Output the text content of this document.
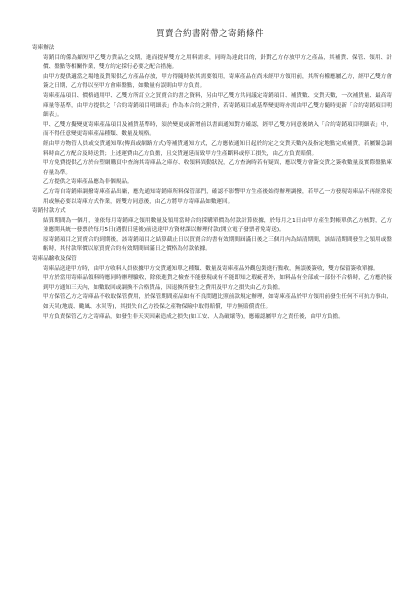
買賣合約書附帶之寄銷條件
寄庫辦法

寄銷目的係為縮短甲乙雙方貨品之交期，進而提昇雙方之用料需求，同時為達此目的，針對乙方存放甲方之產品，其補貨、保管、領用、計價、盤點等相關作業，雙方約定採行必要之配合措施。

由甲方提供適當之場地及貨架供乙方產品存放，甲方得隨時依其需要領用，寄庫產品在尚未經甲方領用前，其所有權應屬乙方，經甲乙雙方會簽之日期，乙方得以至甲方會庫盤點，如數量有誤則由甲方負責。

寄庫產品項目、價格通用甲、乙雙方所訂立之買賣合約書之資料，另由甲乙雙方共同議定寄銷項目、補貨數、交貨天數，一次補貨量、最高寄庫量等基準，由甲方提供之「合約寄銷項目明細表」作為本合約之附件，若寄銷項目或基準變更時亦需由甲乙雙方隨時更新「合約寄銷項目明細表」。

甲、乙雙方擬變更寄庫產品項目及補貨基準時，須於變更或新增前以書面通知對方確認，經甲乙雙方同意後納入「合約寄銷項目明細表」中，而不得任意變更寄庫產品種類、數量及規格。

經由甲方物管人員或交貨通知單(傳真或網路方式)等補貨通知方式，乙方應依通知日起於約定之交貨天數內及指定地點完成補貨，若屬緊急調料時由乙方配合及時送貨；上述運費由乙方負擔，且交貨遲延而致甲方生產斷料或停工損失，由乙方負責賠償。

甲方免費提供乙方於台塑網購頁中查詢其寄庫品之庫存、收領料異動狀況，乙方查詢時若有疑異，應以雙方會簽交貨之簽收數量及實際盤點庫存量為準。

乙方提供之寄庫產品應為非個規品。

乙方寄自寄銷庫調撥寄庫產品出廠，應先通知寄銷庫所料保管部門，確認不影響甲方生產後始得辦理調撥，若甲乙一方發現寄庫品不再經常使用或無必要以寄庫方式作業，經雙方同意後，由乙方將甲方寄庫品如數運回。

寄銷付款方式

結算期間為一個月，並依每月寄銷庫之領用數量及領用當時合約採購單價為付款計算依據，於每月之1日由甲方產生對帳單供乙方核對，乙方並應開具統一發票於每月5日(遇假日延後)前送達甲方資材課以辦理付款(開立電子發票者免寄送)。

原寄銷項目之買賣合約到期後，該寄銷項目之結算截止日以買賣合約書有效期間屆滿日後之三個月內為結清期間，該結清期間發生之領用或盤虧時，其付款單價以原買賣合約有效期間屆滿日之價格為付款依據。

寄庫品驗收及保管

寄庫品送達甲方時，由甲方收料人員依據甲方交貨通知單之種類、數量及寄庫產品外觀包裝進行點收，無誤後簽收，雙方保留簽收單據。

甲方於當用寄庫品領料時應同時辦理驗收，除依進貨之檢查不能發現或有不能即知之瑕疵者外，如料品有全部或一部份不合格時，乙方應於接到甲方通知三天內，如數取回或調換不合格貨品，因退換所發生之費用及甲方之損失由乙方負擔。

甲方保管乙方之寄庫品不收取保管費用，於保管期間產品如有不良問題比照前款規定辦理，如寄庫產品於甲方領用前發生任何不可抗力事由，如天災(地震、颱風、水災等)，其損失自乙方投保之產物保險中取得賠償，甲方無賠償責任。

甲方負責保管乙方之寄庫品，如發生非天災因素造成之損失(如工安、人為破壞等)，應確認屬甲方之責任後，由甲方負擔。
